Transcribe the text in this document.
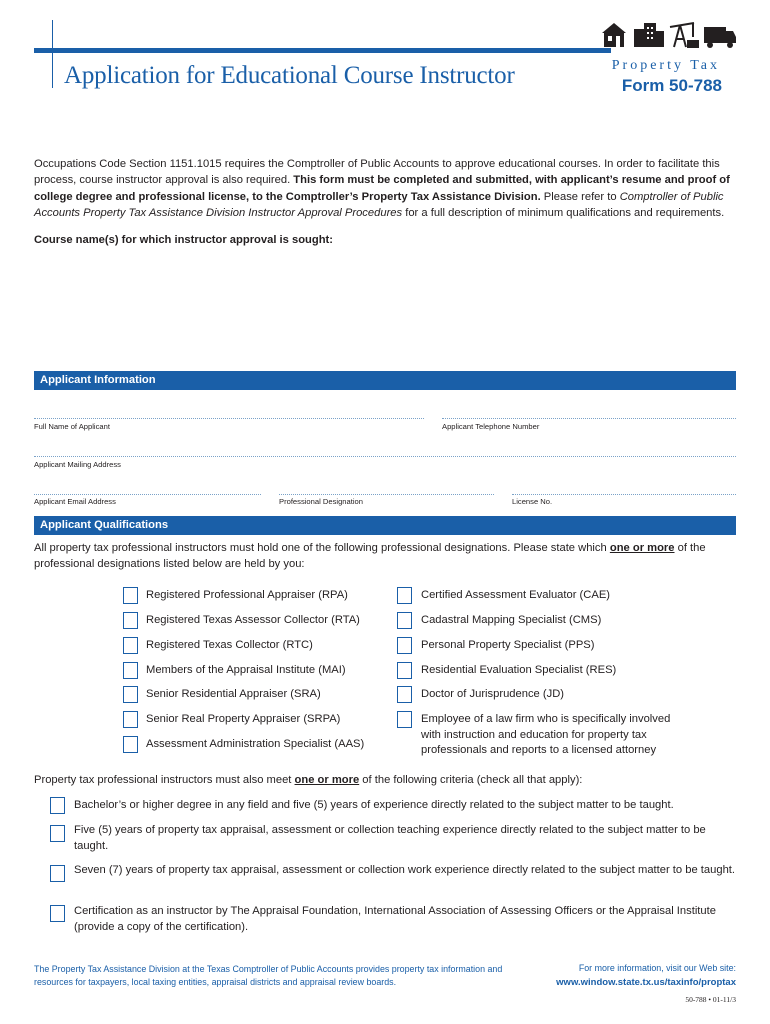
Application for Educational Course Instructor	Property Tax
Form 50-788
Occupations Code Section 1151.1015 requires the Comptroller of Public Accounts to approve educational courses. In order to facilitate this process, course instructor approval is also required. This form must be completed and submitted, with applicant’s resume and proof of college degree and professional license, to the Comptroller’s Property Tax Assistance Division. Please refer to Comptroller of Public Accounts Property Tax Assistance Division Instructor Approval Procedures for a full description of minimum qualifications and requirements.
Course name(s) for which instructor approval is sought:
Applicant Information
Full Name of Applicant	Applicant Telephone Number
Applicant Mailing Address
Applicant Email Address	Professional Designation	License No.
Applicant Qualifications
All property tax professional instructors must hold one of the following professional designations. Please state which one or more of the professional designations listed below are held by you:
Registered Professional Appraiser (RPA)
Registered Texas Assessor Collector (RTA)
Registered Texas Collector (RTC)
Members of the Appraisal Institute (MAI)
Senior Residential Appraiser (SRA)
Senior Real Property Appraiser (SRPA)
Assessment Administration Specialist (AAS)
Certified Assessment Evaluator (CAE)
Cadastral Mapping Specialist (CMS)
Personal Property Specialist (PPS)
Residential Evaluation Specialist (RES)
Doctor of Jurisprudence (JD)
Employee of a law firm who is specifically involved with instruction and education for property tax professionals and reports to a licensed attorney
Property tax professional instructors must also meet one or more of the following criteria (check all that apply):
Bachelor’s or higher degree in any field and five (5) years of experience directly related to the subject matter to be taught.
Five (5) years of property tax appraisal, assessment or collection teaching experience directly related to the subject matter to be taught.
Seven (7) years of property tax appraisal, assessment or collection work experience directly related to the subject matter to be taught.
Certification as an instructor by The Appraisal Foundation, International Association of Assessing Officers or the Appraisal Institute (provide a copy of the certification).
The Property Tax Assistance Division at the Texas Comptroller of Public Accounts provides property tax information and resources for taxpayers, local taxing entities, appraisal districts and appraisal review boards.
For more information, visit our Web site:
www.window.state.tx.us/taxinfo/proptax
50-788 • 01-11/3
